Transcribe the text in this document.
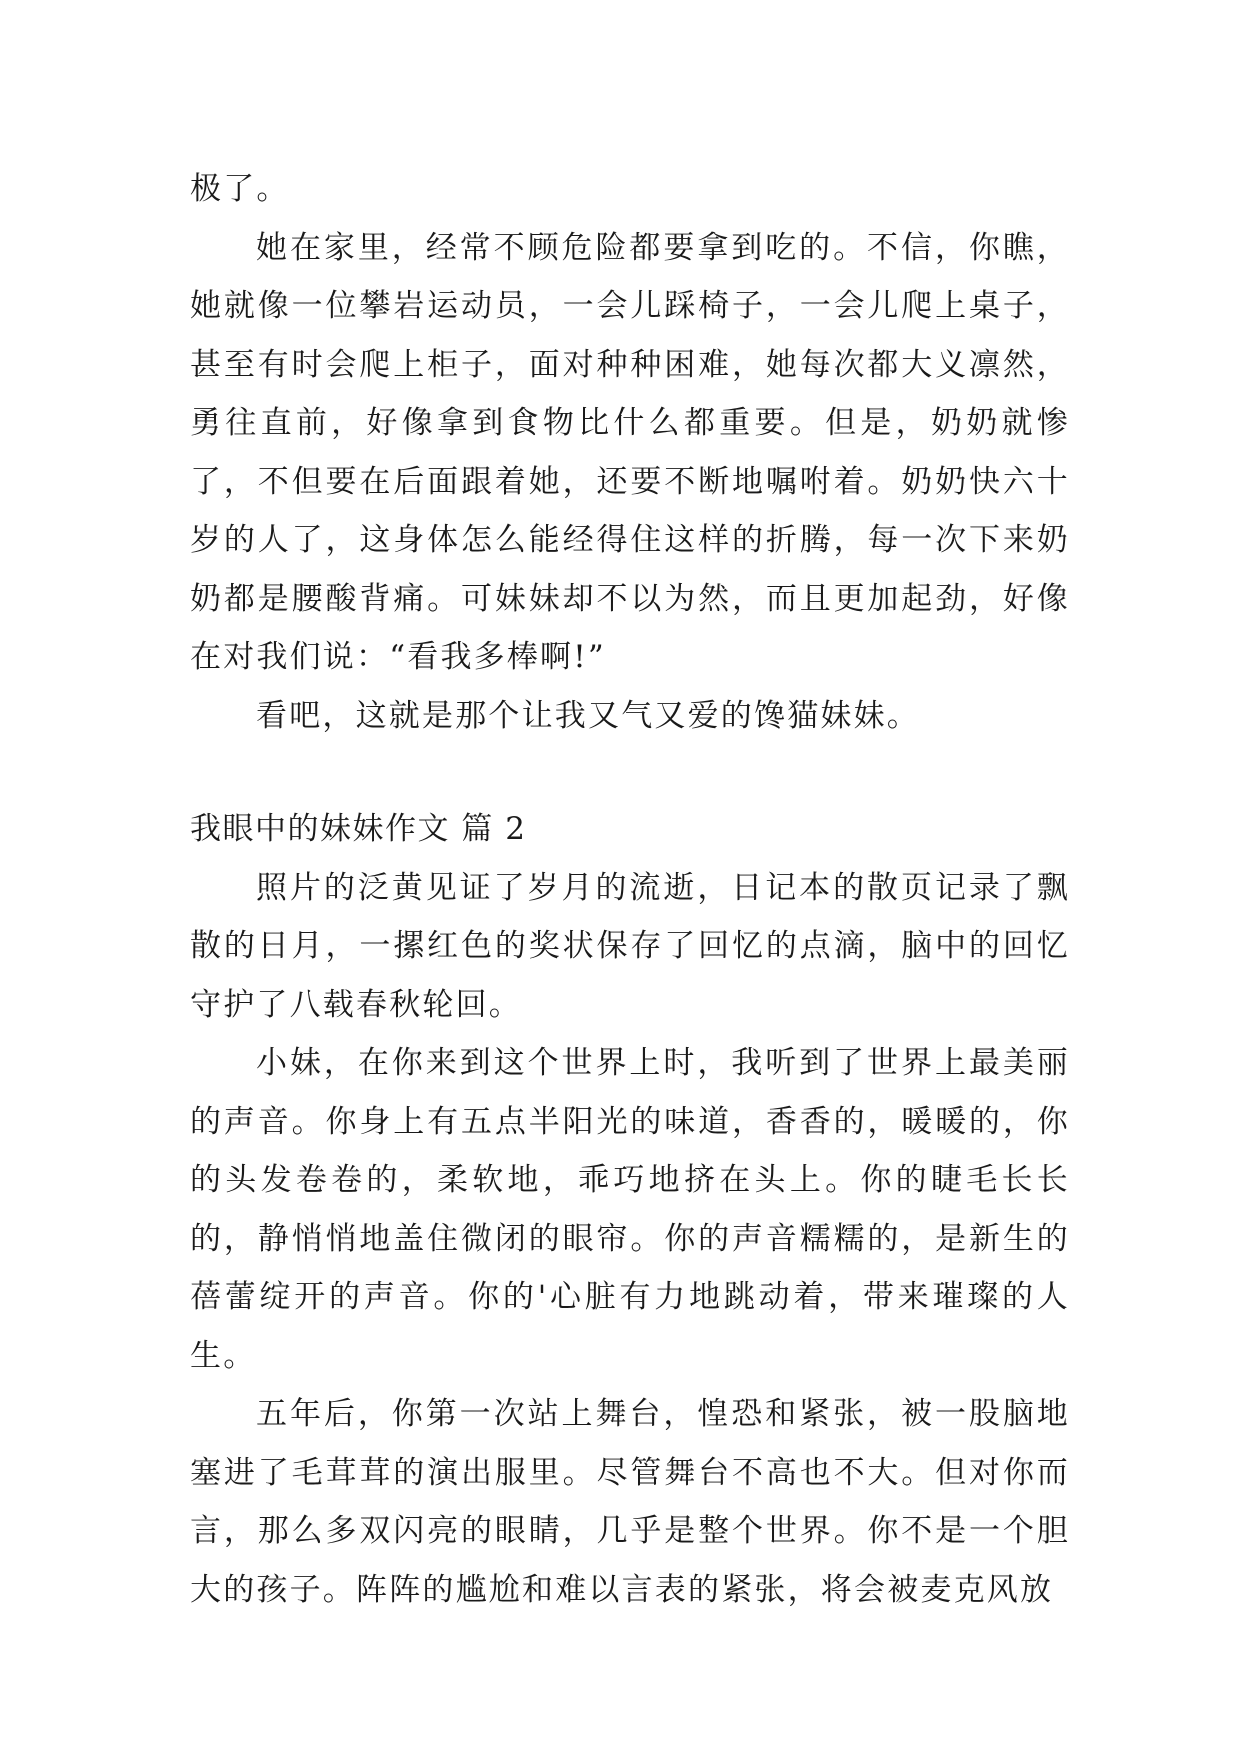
极了。

她在家里，经常不顾危险都要拿到吃的。不信，你瞧，她就像一位攀岩运动员，一会儿踩椅子，一会儿爬上桌子，甚至有时会爬上柜子，面对种种困难，她每次都大义凛然，勇往直前，好像拿到食物比什么都重要。但是，奶奶就惨了，不但要在后面跟着她，还要不断地嘱咐着。奶奶快六十岁的人了，这身体怎么能经得住这样的折腾，每一次下来奶奶都是腰酸背痛。可妹妹却不以为然，而且更加起劲，好像在对我们说：“看我多棒啊!”

看吧，这就是那个让我又气又爱的馋猫妹妹。

我眼中的妹妹作文 篇 2

照片的泛黄见证了岁月的流逝，日记本的散页记录了飘散的日月，一摞红色的奖状保存了回忆的点滴，脑中的回忆守护了八载春秋轮回。

小妹，在你来到这个世界上时，我听到了世界上最美丽的声音。你身上有五点半阳光的味道，香香的，暖暖的，你的头发卷卷的，柔软地，乖巧地挤在头上。你的睫毛长长的，静悄悄地盖住微闭的眼帘。你的声音糯糯的，是新生的蓓蕾绽开的声音。你的'心脏有力地跳动着，带来璀璨的人生。

五年后，你第一次站上舞台，惶恐和紧张，被一股脑地塞进了毛茸茸的演出服里。尽管舞台不高也不大。但对你而言，那么多双闪亮的眼睛，几乎是整个世界。你不是一个胆大的孩子。阵阵的尴尬和难以言表的紧张，将会被麦克风放
